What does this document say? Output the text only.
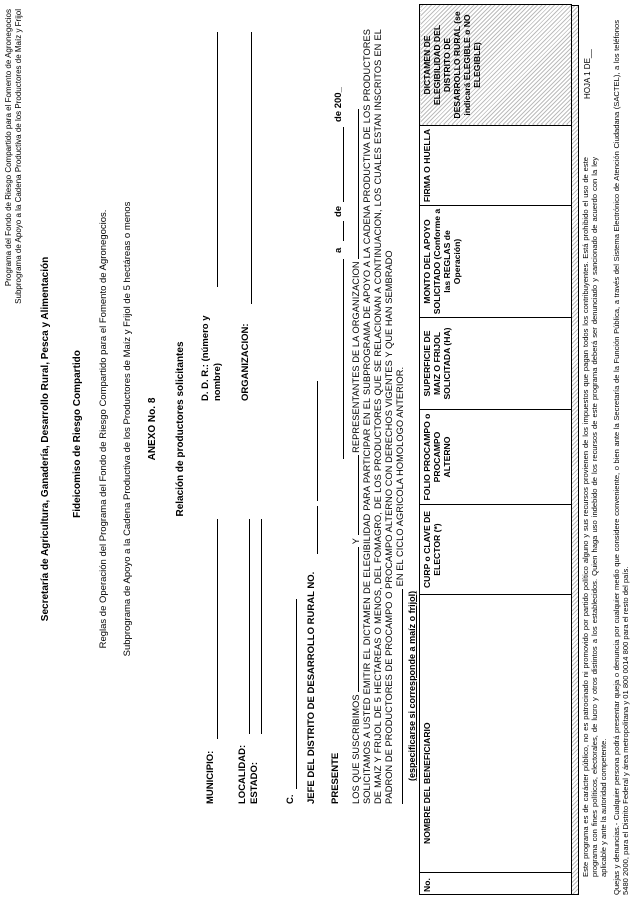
Programa del Fondo de Riesgo Compartido para el Fomento de Agronegocios Subprograma de Apoyo a la Cadena Productiva de los Productores de Maíz y Frijol
Secretaría de Agricultura, Ganadería, Desarrollo Rural, Pesca y Alimentación Fideicomiso de Riesgo Compartido Reglas de Operación del Programa del Fondo de Riesgo Compartido para el Fomento de Agronegocios. Subprograma de Apoyo a la Cadena Productiva de los Productores de Maíz y Frijol de 5 hectáreas o menos ANEXO No. 8 Relación de productores solicitantes
MUNICIPIO:
D. D. R.: (número y nombre)
LOCALIDAD: ESTADO:
ORGANIZACION:
C. JEFE DEL DISTRITO DE DESARROLLO RURAL NO. PRESENTE
a
de
de 200_
LOS QUE SUSCRIBIMOS  Y  REPRESENTANTES DE LA ORGANIZACION SOLICITAMOS A USTED EMITIR EL DICTAMEN DE ELEGIBILIDAD PARA PARTICIPAR EN EL SUBPROGRAMA DE APOYO A LA CADENA PRODUCTIVA DE LOS PRODUCTORES DE MAIZ Y FRIJOL DE 5 HECTAREAS O MENOS, DEL FOMAGRO, DE LOS PRODUCTORES QUE SE RELACIONAN A CONTINUACION, LOS CUALES ESTAN INSCRITOS EN EL PADRON DE PRODUCTORES DE PROCAMPO O PROCAMPO ALTERNO CON DERECHOS VIGENTES Y QUE HAN SEMBRADO EN EL CICLO AGRICOLA HOMOLOGO ANTERIOR.
(especificarse si corresponde a maíz o frijol)
No.	NOMBRE DEL BENEFICIARIO	CURP o CLAVE DE ELECTOR (*)	FOLIO PROCAMPO o PROCAMPO ALTERNO	SUPERFICIE DE MAIZ O FRIJOL SOLICITADA (HA)	MONTO DEL APOYO SOLICITADO (Conforme a las REGLAS de Operación)	FIRMA O HUELLA	DICTAMEN DE ELEGIBILIDAD DEL DISTRITO DE DESARROLLO RURAL (se indicará ELEGIBLE o NO ELEGIBLE)
Este programa es de carácter público, no es patrocinado ni promovido por partido político alguno y sus recursos provienen de los impuestos que pagan todos los contribuyentes. Está prohibido el uso de este programa con fines políticos, electorales, de lucro y otros distintos a los establecidos. Quien haga uso indebido de los recursos de este programa deberá ser denunciado y sancionado de acuerdo con la ley aplicable y ante la autoridad competente.
HOJA 1 DE__	Quejas y denuncias.- Cualquier persona podrá presentar queja o denuncia por cualquier medio que considere conveniente, o bien ante la Secretaría de la Función Pública, a través del Sistema Electrónico de Atención Ciudadana (SACTEL), a los teléfonos 5480 2000, para el Distrito Federal y área metropolitana y 01 800 0014 800 para el resto del país.
